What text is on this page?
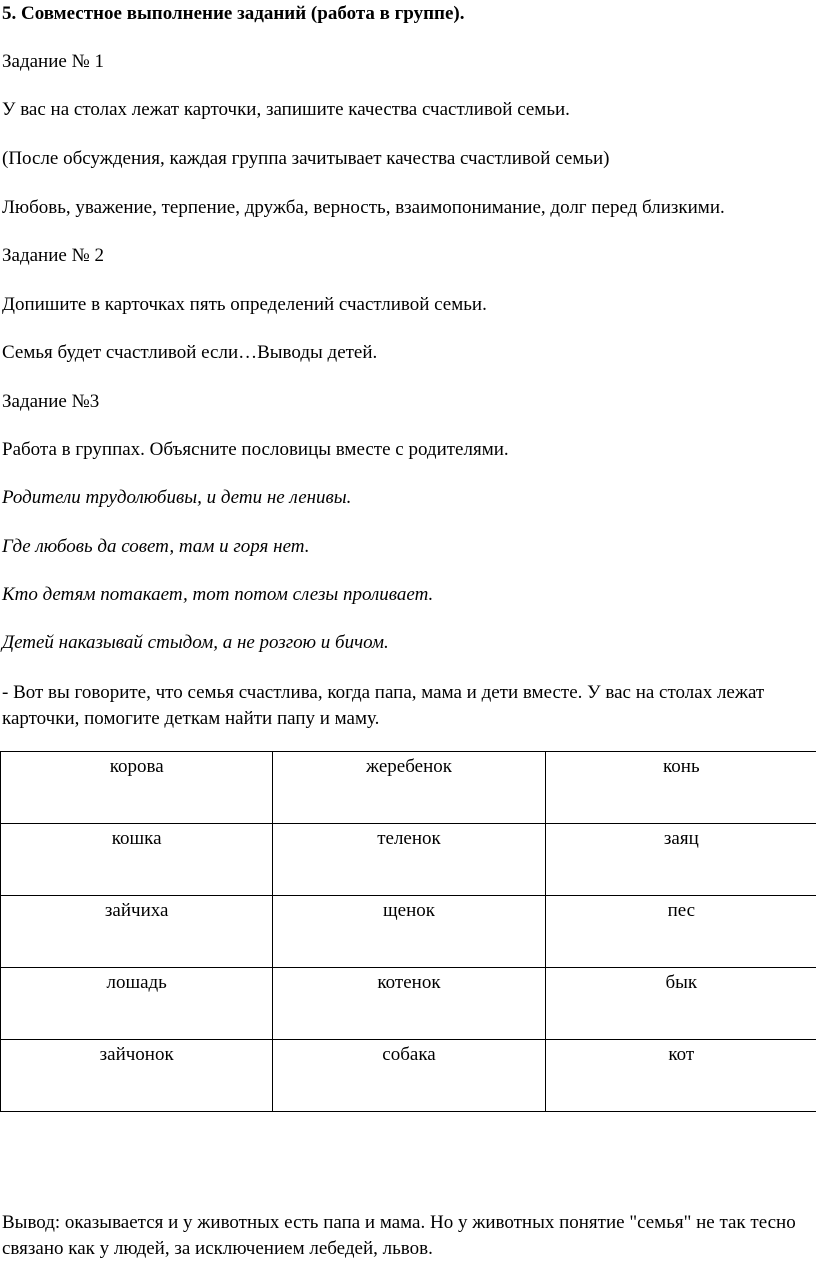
5. Совместное выполнение заданий (работа в группе).

Задание № 1

У вас на столах лежат карточки, запишите качества счастливой семьи.

(После обсуждения, каждая группа зачитывает качества счастливой семьи)

Любовь, уважение, терпение, дружба, верность, взаимопонимание, долг перед близкими.

Задание № 2

Допишите в карточках пять определений счастливой семьи.

Семья будет счастливой если…Выводы детей.

Задание №3

Работа в группах. Объясните пословицы вместе с родителями.

Родители трудолюбивы, и дети не ленивы.

Где любовь да совет, там и горя нет.

Кто детям потакает, тот потом слезы проливает.

Детей наказывай стыдом, а не розгою и бичом.

- Вот вы говорите, что семья счастлива, когда папа, мама и дети вместе. У вас на столах лежат карточки, помогите деткам найти папу и маму.

корова	жеребенок	конь
кошка	теленок	заяц
зайчиха	щенок	пес
лошадь	котенок	бык
зайчонок	собака	кот

Вывод: оказывается и у животных есть папа и мама. Но у животных понятие "семья" не так тесно связано как у людей, за исключением лебедей, львов.
